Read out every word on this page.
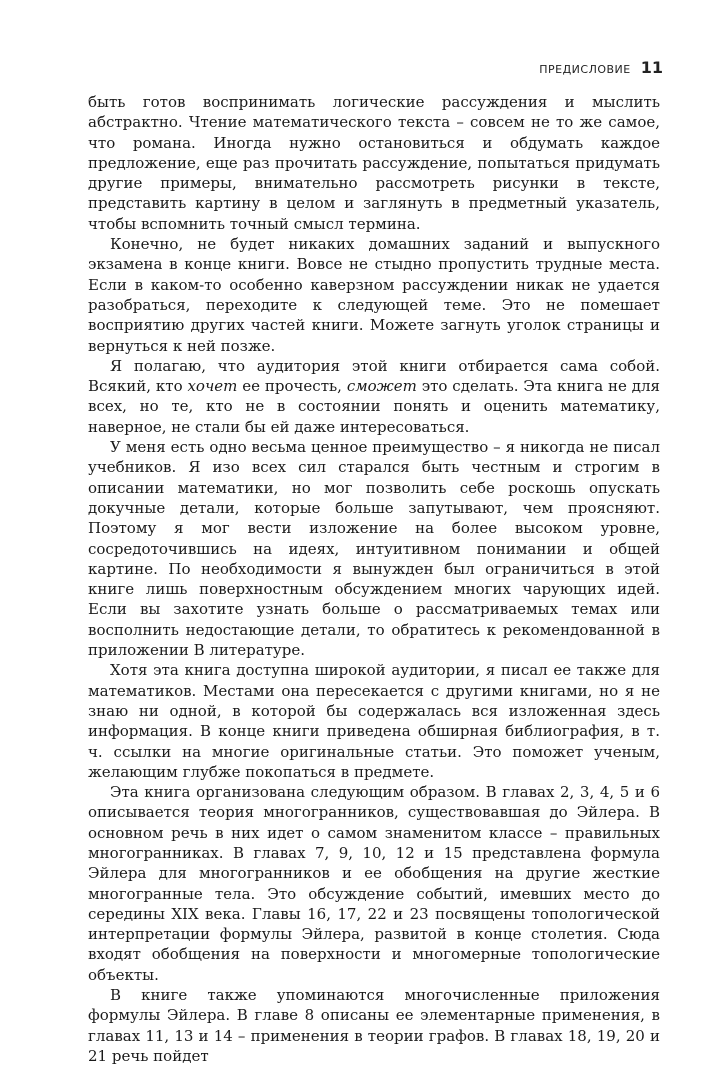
ПРЕДИСЛОВИЕ 11

быть готов воспринимать логические рассуждения и мыслить абстрактно. Чтение математического текста – совсем не то же самое, что романа. Иногда нужно остановиться и обдумать каждое предложение, еще раз прочитать рассуждение, попытаться придумать другие примеры, внимательно рассмотреть рисунки в тексте, представить картину в целом и заглянуть в предметный указатель, чтобы вспомнить точный смысл термина.

Конечно, не будет никаких домашних заданий и выпускного экзамена в конце книги. Вовсе не стыдно пропустить трудные места. Если в каком-то особенно каверзном рассуждении никак не удается разобраться, переходите к следующей теме. Это не помешает восприятию других частей книги. Можете загнуть уголок страницы и вернуться к ней позже.

Я полагаю, что аудитория этой книги отбирается сама собой. Всякий, кто хочет ее прочесть, сможет это сделать. Эта книга не для всех, но те, кто не в состоянии понять и оценить математику, наверное, не стали бы ей даже интересоваться.

У меня есть одно весьма ценное преимущество – я никогда не писал учебников. Я изо всех сил старался быть честным и строгим в описании математики, но мог позволить себе роскошь опускать докучные детали, которые больше запутывают, чем проясняют. Поэтому я мог вести изложение на более высоком уровне, сосредоточившись на идеях, интуитивном понимании и общей картине. По необходимости я вынужден был ограничиться в этой книге лишь поверхностным обсуждением многих чарующих идей. Если вы захотите узнать больше о рассматриваемых темах или восполнить недостающие детали, то обратитесь к рекомендованной в приложении В литературе.

Хотя эта книга доступна широкой аудитории, я писал ее также для математиков. Местами она пересекается с другими книгами, но я не знаю ни одной, в которой бы содержалась вся изложенная здесь информация. В конце книги приведена обширная библиография, в т. ч. ссылки на многие оригинальные статьи. Это поможет ученым, желающим глубже покопаться в предмете.

Эта книга организована следующим образом. В главах 2, 3, 4, 5 и 6 описывается теория многогранников, существовавшая до Эйлера. В основном речь в них идет о самом знаменитом классе – правильных многогранниках. В главах 7, 9, 10, 12 и 15 представлена формула Эйлера для многогранников и ее обобщения на другие жесткие многогранные тела. Это обсуждение событий, имевших место до середины XIX века. Главы 16, 17, 22 и 23 посвящены топологической интерпретации формулы Эйлера, развитой в конце столетия. Сюда входят обобщения на поверхности и многомерные топологические объекты.

В книге также упоминаются многочисленные приложения формулы Эйлера. В главе 8 описаны ее элементарные применения, в главах 11, 13 и 14 – применения в теории графов. В главах 18, 19, 20 и 21 речь пойдет
